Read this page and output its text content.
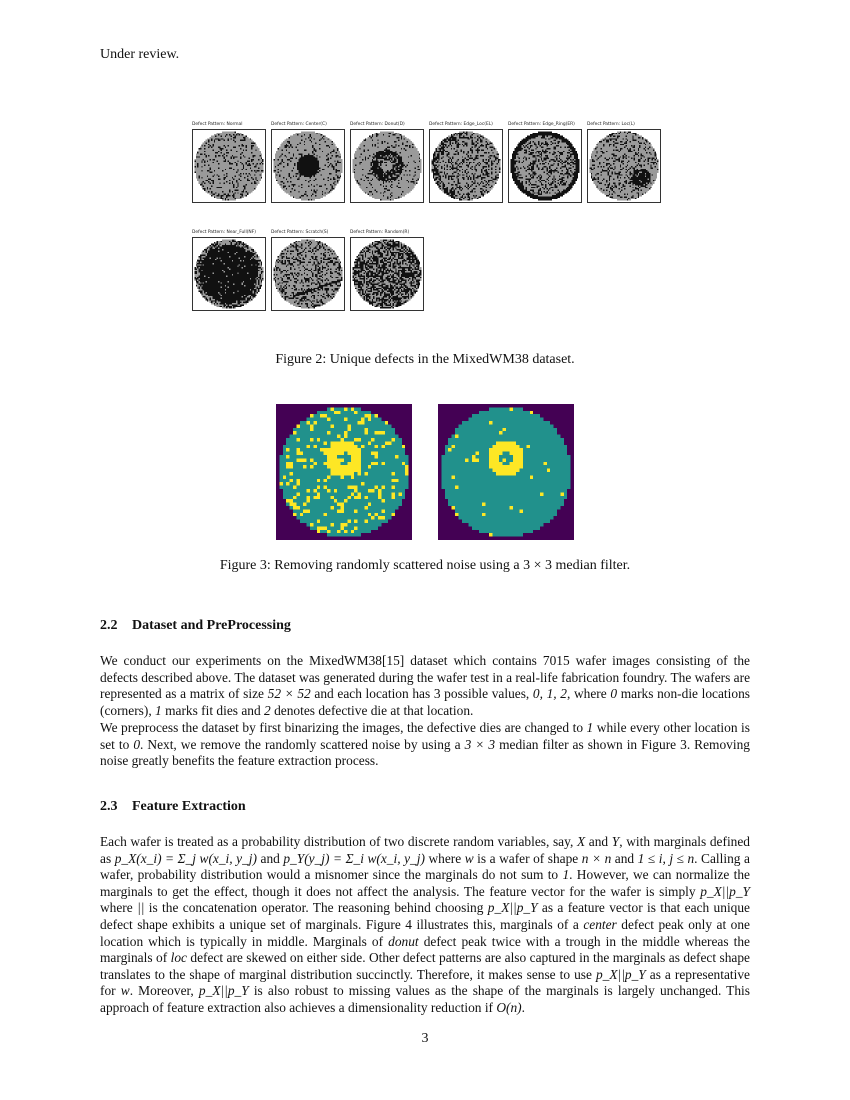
Under review.
Defect Pattern: Normal	Defect Pattern: Center(C)	Defect Pattern: Donut(D)	Defect Pattern: Edge_Loc(EL)	Defect Pattern: Edge_Ring(ER)	Defect Pattern: Loc(L)
Defect Pattern: Near_Full(NF)	Defect Pattern: Scratch(S)	Defect Pattern: Random(R)
Figure 2: Unique defects in the MixedWM38 dataset.
Figure 3: Removing randomly scattered noise using a 3 × 3 median filter.
2.2 Dataset and PreProcessing

We conduct our experiments on the MixedWM38[15] dataset which contains 7015 wafer images consisting of the defects described above. The dataset was generated during the wafer test in a real-life fabrication foundry. The wafers are represented as a matrix of size 52 × 52 and each location has 3 possible values, 0, 1, 2, where 0 marks non-die locations (corners), 1 marks fit dies and 2 denotes defective die at that location.

We preprocess the dataset by first binarizing the images, the defective dies are changed to 1 while every other location is set to 0. Next, we remove the randomly scattered noise by using a 3 × 3 median filter as shown in Figure 3. Removing noise greatly benefits the feature extraction process.

2.3 Feature Extraction

Each wafer is treated as a probability distribution of two discrete random variables, say, X and Y, with marginals defined as p_X(x_i) = Σ_j w(x_i, y_j) and p_Y(y_j) = Σ_i w(x_i, y_j) where w is a wafer of shape n × n and 1 ≤ i, j ≤ n. Calling a wafer, probability distribution would a misnomer since the marginals do not sum to 1. However, we can normalize the marginals to get the effect, though it does not affect the analysis. The feature vector for the wafer is simply p_X||p_Y where || is the concatenation operator. The reasoning behind choosing p_X||p_Y as a feature vector is that each unique defect shape exhibits a unique set of marginals. Figure 4 illustrates this, marginals of a center defect peak only at one location which is typically in middle. Marginals of donut defect peak twice with a trough in the middle whereas the marginals of loc defect are skewed on either side. Other defect patterns are also captured in the marginals as defect shape translates to the shape of marginal distribution succinctly. Therefore, it makes sense to use p_X||p_Y as a representative for w. Moreover, p_X||p_Y is also robust to missing values as the shape of the marginals is largely unchanged. This approach of feature extraction also achieves a dimensionality reduction if O(n).

3
